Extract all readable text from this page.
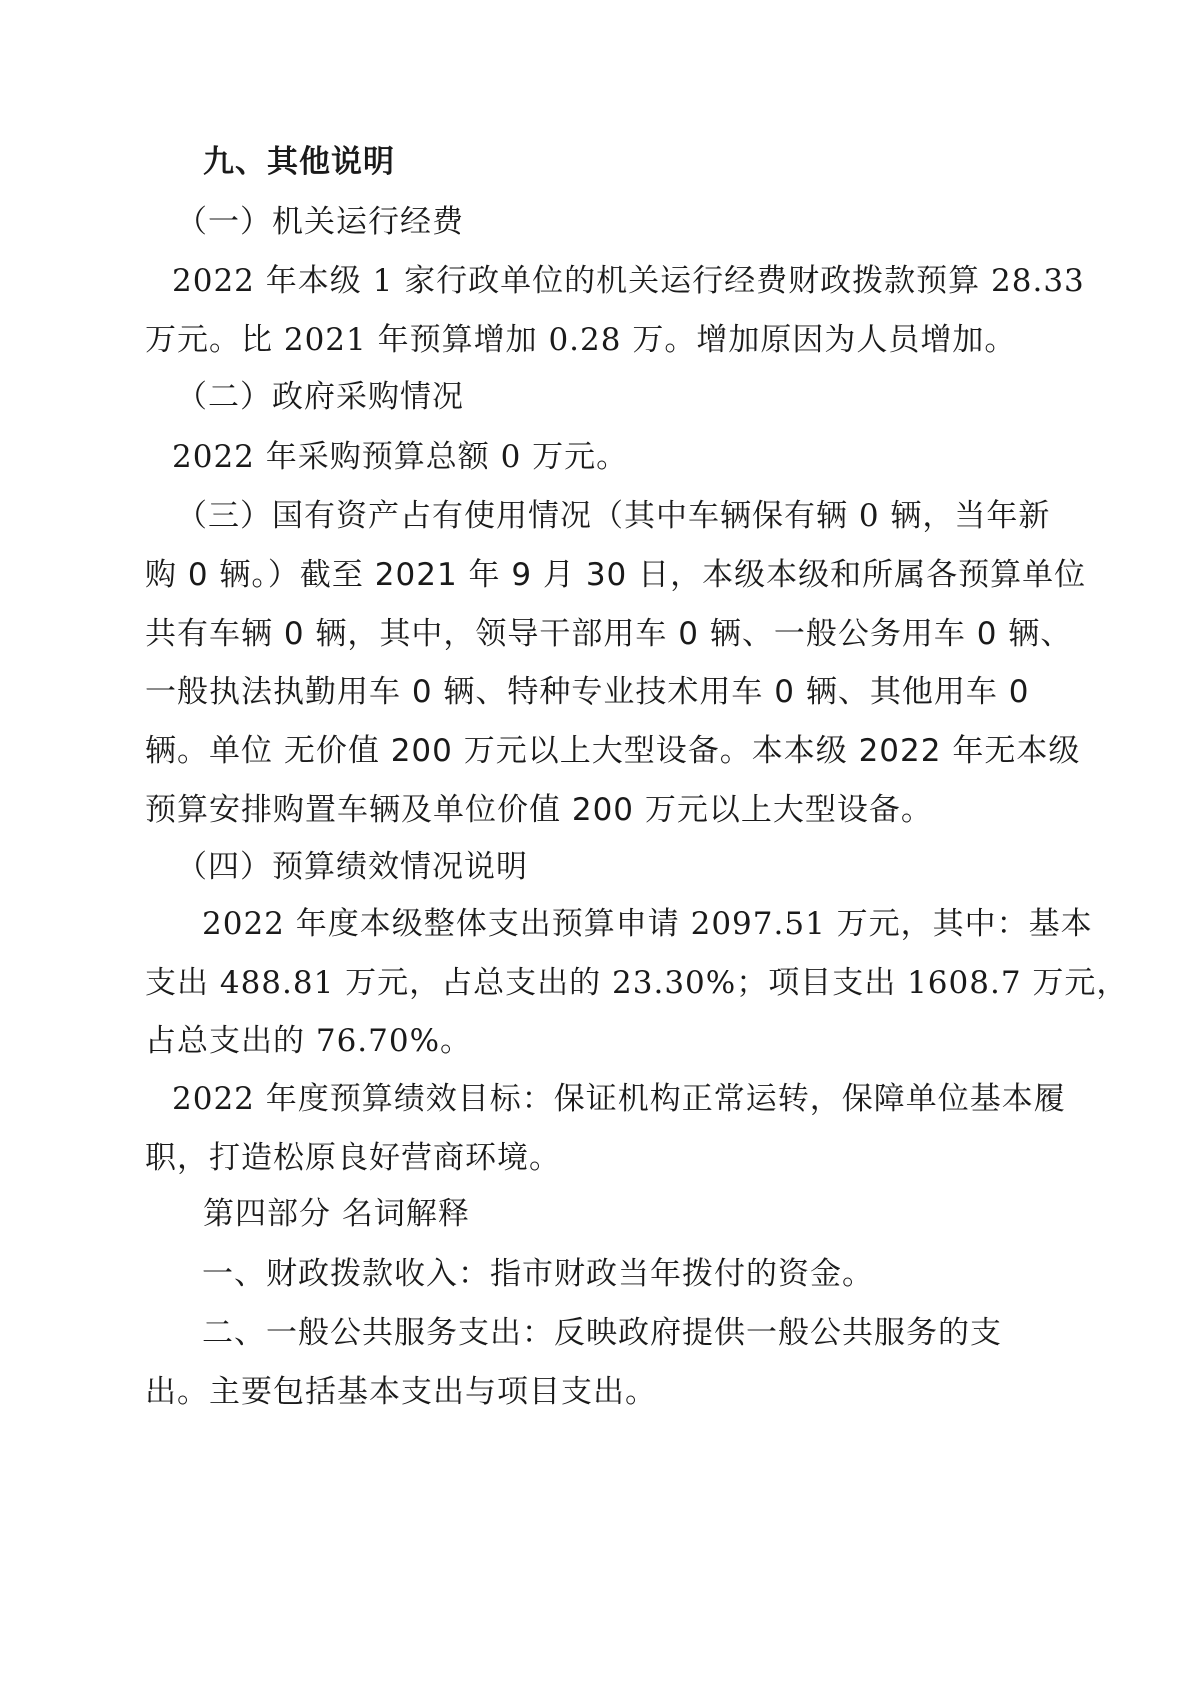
九、其他说明
（一）机关运行经费
2022 年本级 1 家行政单位的机关运行经费财政拨款预算 28.33
万元。比 2021 年预算增加 0.28 万。增加原因为人员增加。
（二）政府采购情况
2022 年采购预算总额 0 万元。
（三）国有资产占有使用情况（其中车辆保有辆 0 辆，当年新
购 0 辆。）截至 2021 年 9 月 30 日，本级本级和所属各预算单位
共有车辆 0 辆，其中，领导干部用车 0 辆、一般公务用车 0 辆、
一般执法执勤用车 0 辆、特种专业技术用车 0 辆、其他用车 0
辆。单位 无价值 200 万元以上大型设备。本本级 2022 年无本级
预算安排购置车辆及单位价值 200 万元以上大型设备。
（四）预算绩效情况说明
2022 年度本级整体支出预算申请 2097.51 万元，其中：基本
支出 488.81 万元，占总支出的 23.30%；项目支出 1608.7 万元，
占总支出的 76.70%。
2022 年度预算绩效目标：保证机构正常运转，保障单位基本履
职，打造松原良好营商环境。
第四部分 名词解释
一、财政拨款收入：指市财政当年拨付的资金。
二、一般公共服务支出：反映政府提供一般公共服务的支
出。主要包括基本支出与项目支出。
